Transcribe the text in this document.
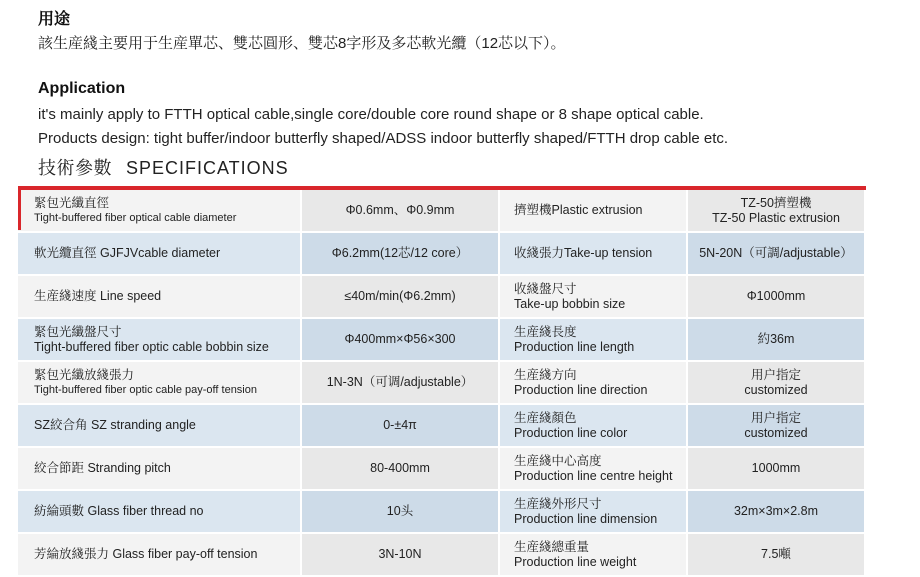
用途
該生産綫主要用于生産單芯、雙芯圓形、雙芯8字形及多芯軟光纜（12芯以下）。
Application
it's mainly apply to FTTH optical cable,single core/double core round shape or 8 shape optical cable.
Products design: tight buffer/indoor butterfly shaped/ADSS indoor butterfly shaped/FTTH drop cable etc.
技術參數 SPECIFICATIONS
緊包光纖直徑
Tight-buffered fiber optical cable diameter	Φ0.6mm、Φ0.9mm	擠塑機Plastic extrusion	TZ-50擠塑機
TZ-50 Plastic extrusion

軟光纜直徑 GJFJVcable diameter	Φ6.2mm(12芯/12 core）	收綫張力Take-up tension	5N-20N（可調/adjustable）

生産綫速度 Line speed	≤40m/min(Φ6.2mm)	收綫盤尺寸
Take-up bobbin size	Φ1000mm

緊包光纖盤尺寸
Tight-buffered fiber optic cable bobbin size	Φ400mm×Φ56×300	生産綫長度
Production line length	約36m

緊包光纖放綫張力
Tight-buffered fiber optic cable pay-off tension	1N-3N（可调/adjustable）	生産綫方向
Production line direction	用户指定
customized

SZ絞合角 SZ stranding angle	0-±4π	生産綫顏色
Production line color	用户指定
customized

絞合節距 Stranding pitch	80-400mm	生産綫中心高度
Production line centre height	1000mm

紡綸頭數 Glass fiber thread no	10头	生産綫外形尺寸
Production line dimension	32m×3m×2.8m

芳綸放綫張力 Glass fiber pay-off tension	3N-10N	生産綫總重量
Production line weight	7.5噸
